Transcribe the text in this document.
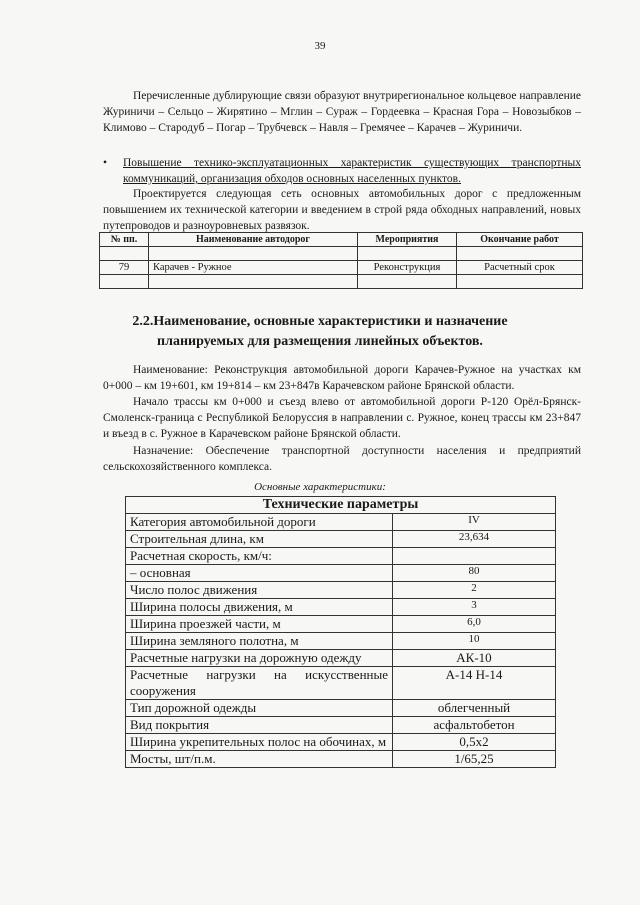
39

Перечисленные дублирующие связи образуют внутрирегиональное кольцевое направление Журиничи – Сельцо – Жирятино – Мглин – Сураж – Гордеевка – Красная Гора – Новозыбков – Климово – Стародуб – Погар – Трубчевск – Навля – Гремячее – Карачев – Журиничи.

•	Повышение технико-эксплуатационных характеристик существующих транспортных коммуникаций, организация обходов основных населенных пунктов.

Проектируется следующая сеть основных автомобильных дорог с предложенным повышением их технической категории и введением в строй ряда обходных направлений, новых путепроводов и разноуровневых развязок.

№ пп.	Наименование автодорог	Мероприятия	Окончание работ

79	Карачев - Ружное	Реконструкция	Расчетный срок

2.2.Наименование, основные характеристики и назначение планируемых для размещения линейных объектов.

Наименование: Реконструкция автомобильной дороги Карачев-Ружное на участках км 0+000 – км 19+601, км 19+814 – км 23+847в Карачевском районе Брянской области.

Начало трассы км 0+000 и съезд влево от автомобильной дороги Р-120 Орёл-Брянск-Смоленск-граница с Республикой Белоруссия в направлении с. Ружное, конец трассы км 23+847 и въезд в с. Ружное в Карачевском районе Брянской области.

Назначение: Обеспечение транспортной доступности населения и предприятий сельскохозяйственного комплекса.

Основные характеристики:
Технические параметры	
Категория автомобильной дороги	IV
Строительная длина, км	23,634
Расчетная скорость, км/ч:	
– основная	80
Число полос движения	2
Ширина полосы движения, м	3
Ширина проезжей части, м	6,0
Ширина земляного полотна, м	10
Расчетные нагрузки на дорожную одежду	АК-10
Расчетные нагрузки на искусственные сооружения	А-14 Н-14
Тип дорожной одежды	облегченный
Вид покрытия	асфальтобетон
Ширина укрепительных полос на обочинах, м	0,5х2
Мосты, шт/п.м.	1/65,25
